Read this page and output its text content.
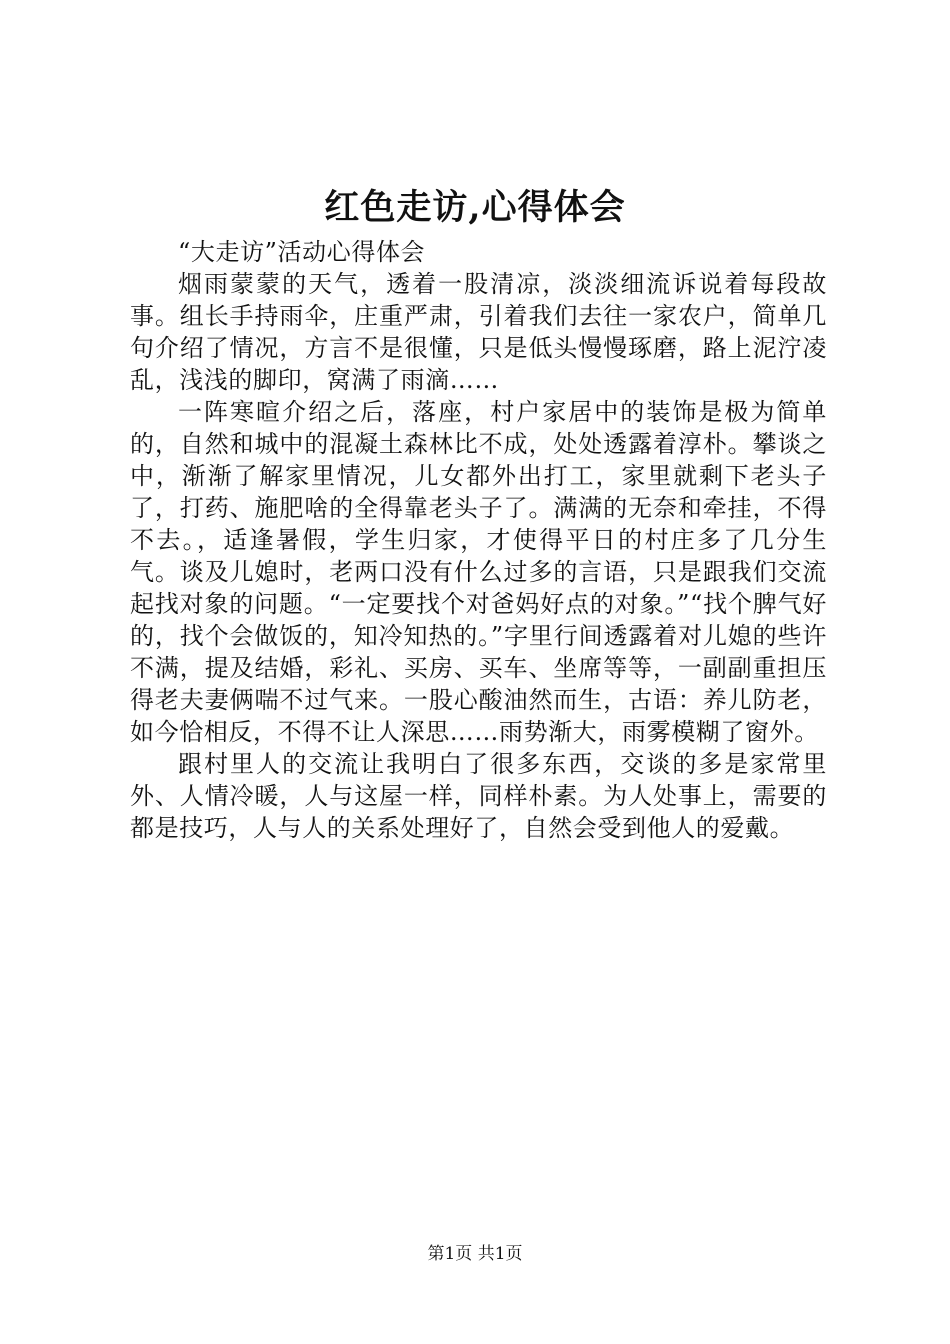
红色走访,心得体会

“大走访”活动心得体会

烟雨蒙蒙的天气，透着一股清凉，淡淡细流诉说着每段故事。组长手持雨伞，庄重严肃，引着我们去往一家农户，简单几句介绍了情况，方言不是很懂，只是低头慢慢琢磨，路上泥泞凌乱，浅浅的脚印，窝满了雨滴……

一阵寒暄介绍之后，落座，村户家居中的装饰是极为简单的，自然和城中的混凝土森林比不成，处处透露着淳朴。攀谈之中，渐渐了解家里情况，儿女都外出打工，家里就剩下老头子了，打药、施肥啥的全得靠老头子了。满满的无奈和牵挂，不得不去。，适逢暑假，学生归家，才使得平日的村庄多了几分生气。谈及儿媳时，老两口没有什么过多的言语，只是跟我们交流起找对象的问题。“一定要找个对爸妈好点的对象。”“找个脾气好的，找个会做饭的，知冷知热的。”字里行间透露着对儿媳的些许不满，提及结婚，彩礼、买房、买车、坐席等等，一副副重担压得老夫妻俩喘不过气来。一股心酸油然而生，古语：养儿防老，如今恰相反，不得不让人深思……雨势渐大，雨雾模糊了窗外。

跟村里人的交流让我明白了很多东西，交谈的多是家常里外、人情冷暖，人与这屋一样，同样朴素。为人处事上，需要的都是技巧，人与人的关系处理好了，自然会受到他人的爱戴。

第1页 共1页
